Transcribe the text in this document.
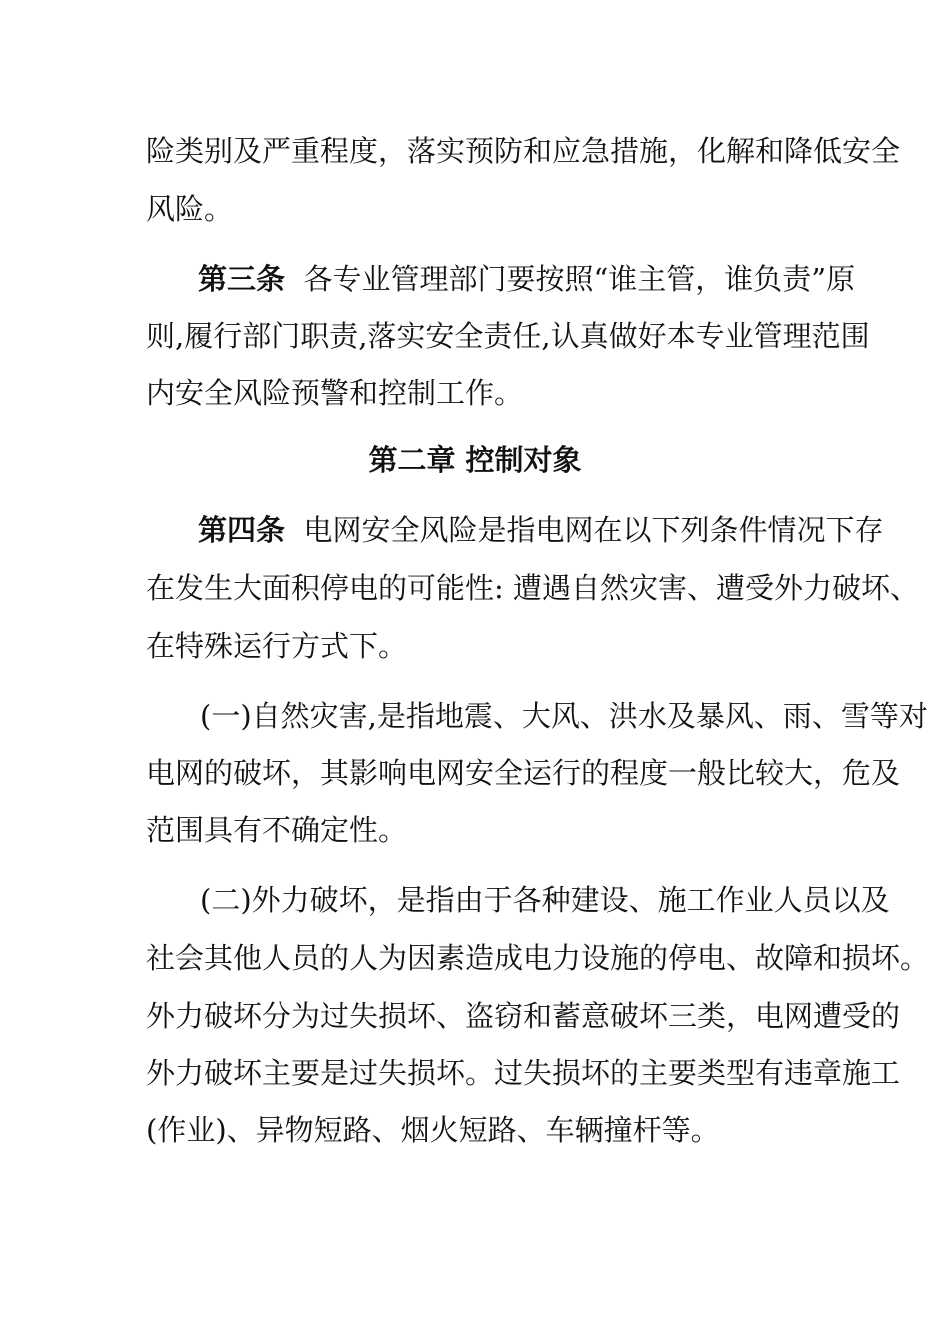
险类别及严重程度，落实预防和应急措施，化解和降低安全

风险。

第三条 各专业管理部门要按照“谁主管，谁负责”原

则,履行部门职责,落实安全责任,认真做好本专业管理范围

内安全风险预警和控制工作。

第二章 控制对象

第四条 电网安全风险是指电网在以下列条件情况下存

在发生大面积停电的可能性: 遭遇自然灾害、遭受外力破坏、

在特殊运行方式下。

(一)自然灾害,是指地震、大风、洪水及暴风、雨、雪等对

电网的破坏，其影响电网安全运行的程度一般比较大，危及

范围具有不确定性。

(二)外力破坏，是指由于各种建设、施工作业人员以及

社会其他人员的人为因素造成电力设施的停电、故障和损坏。

外力破坏分为过失损坏、盗窃和蓄意破坏三类，电网遭受的

外力破坏主要是过失损坏。过失损坏的主要类型有违章施工

(作业)、异物短路、烟火短路、车辆撞杆等。
